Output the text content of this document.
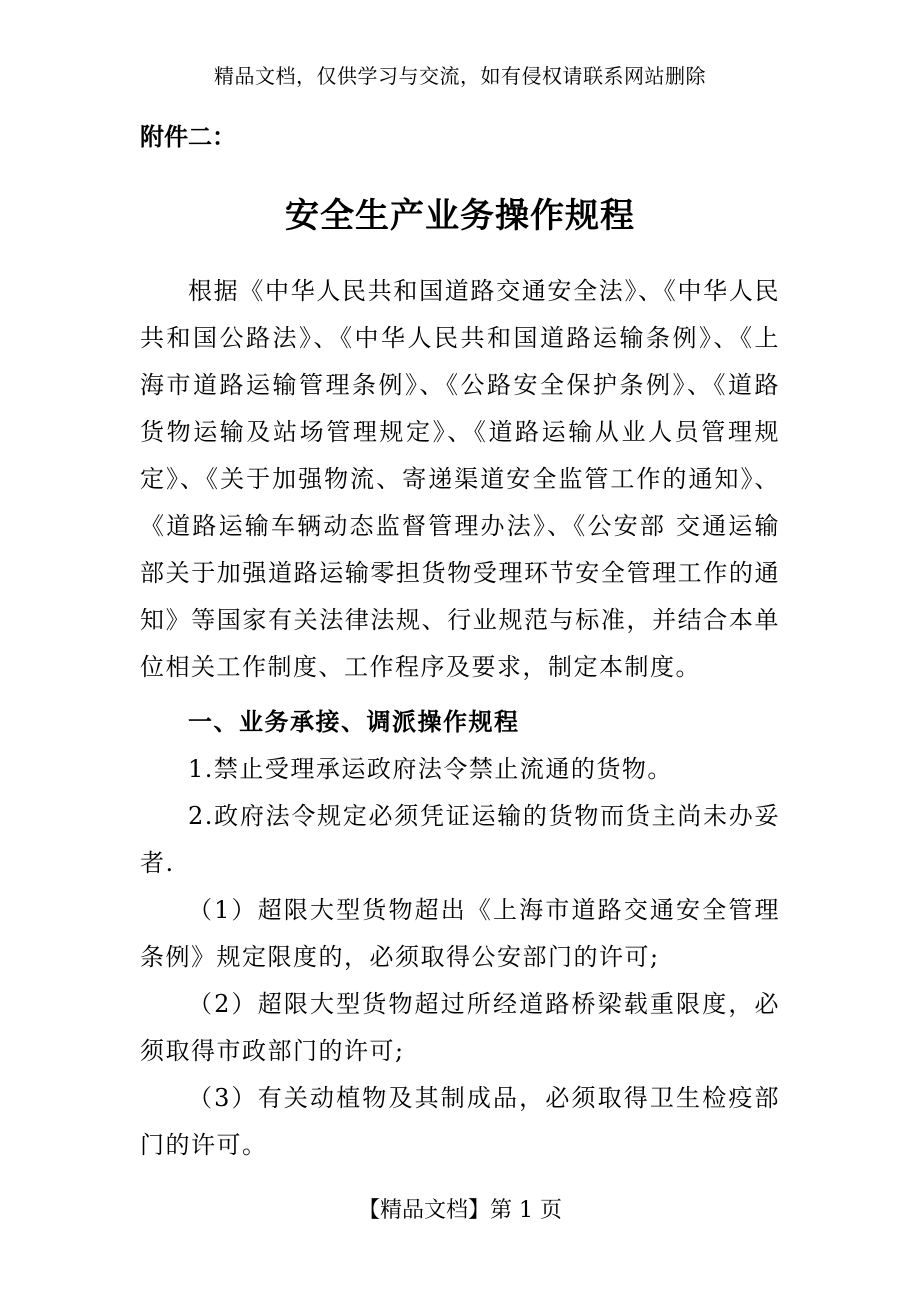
精品文档，仅供学习与交流，如有侵权请联系网站删除
附件二：
安全生产业务操作规程

根据《中华人民共和国道路交通安全法》、《中华人民共和国公路法》、《中华人民共和国道路运输条例》、《上海市道路运输管理条例》、《公路安全保护条例》、《道路货物运输及站场管理规定》、《道路运输从业人员管理规定》、《关于加强物流、寄递渠道安全监管工作的通知》、《道路运输车辆动态监督管理办法》、《公安部 交通运输部关于加强道路运输零担货物受理环节安全管理工作的通知》等国家有关法律法规、行业规范与标准，并结合本单位相关工作制度、工作程序及要求，制定本制度。

一、业务承接、调派操作规程

1.禁止受理承运政府法令禁止流通的货物。

2.政府法令规定必须凭证运输的货物而货主尚未办妥者.

（1）超限大型货物超出《上海市道路交通安全管理条例》规定限度的，必须取得公安部门的许可;

（2）超限大型货物超过所经道路桥梁载重限度，必须取得市政部门的许可;

（3）有关动植物及其制成品，必须取得卫生检疫部门的许可。

【精品文档】第 1 页
